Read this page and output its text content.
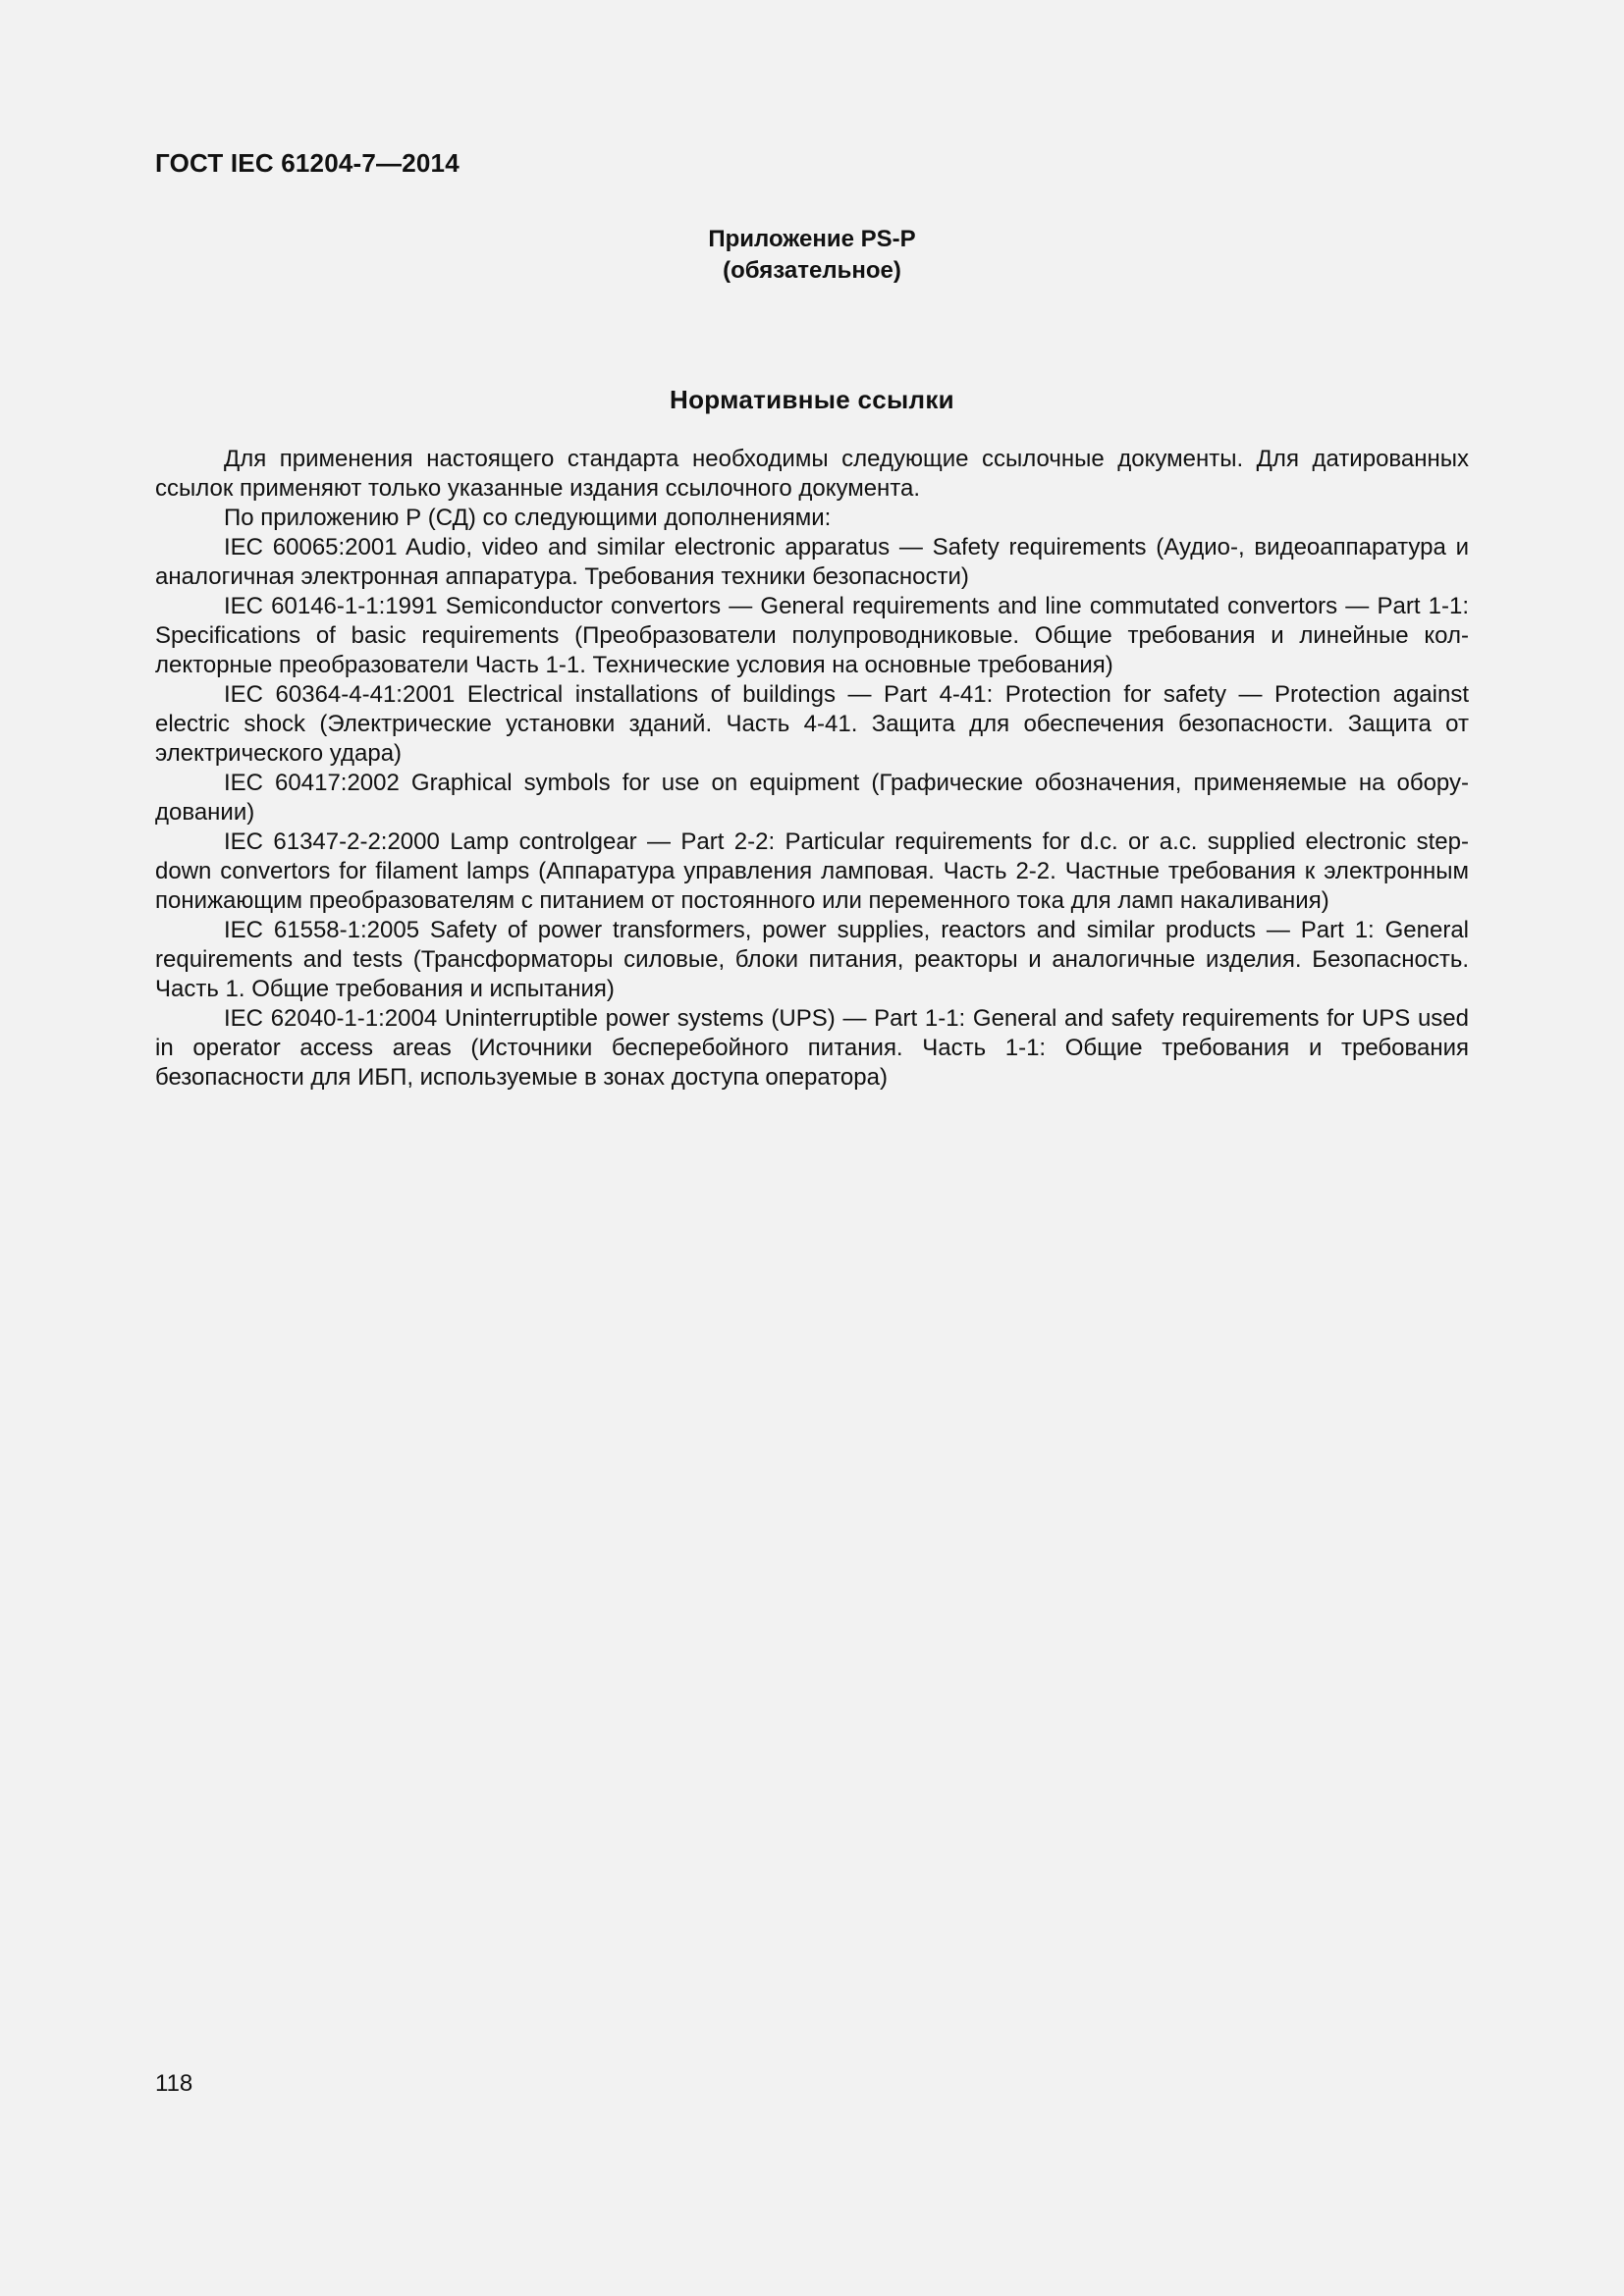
ГОСТ IEC 61204-7—2014
Приложение PS-P
(обязательное)
Нормативные ссылки

Для применения настоящего стандарта необходимы следующие ссылочные документы. Для датированных ссылок применяют только указанные издания ссылочного документа.

По приложению Р (СД) со следующими дополнениями:

IEC 60065:2001 Audio, video and similar electronic apparatus — Safety requirements (Аудио-, видеоаппаратура и аналогичная электронная аппаратура. Требования техники безопасности)

IEC 60146-1-1:1991 Semiconductor convertors — General requirements and line commutated convertors — Part 1-1: Specifications of basic requirements (Преобразователи полупроводниковые. Общие требования и линейные коллекторные преобразователи Часть 1-1. Технические условия на основные требования)

IEC 60364-4-41:2001 Electrical installations of buildings — Part 4-41: Protection for safety — Protection against electric shock (Электрические установки зданий. Часть 4-41. Защита для обеспечения безопасности. Защита от электрического удара)

IEC 60417:2002 Graphical symbols for use on equipment (Графические обозначения, применяемые на оборудовании)

IEC 61347-2-2:2000 Lamp controlgear — Part 2-2: Particular requirements for d.c. or a.c. supplied electronic step-down convertors for filament lamps (Аппаратура управления ламповая. Часть 2-2. Частные требования к электронным понижающим преобразователям с питанием от постоянного или переменного тока для ламп накаливания)

IEC 61558-1:2005 Safety of power transformers, power supplies, reactors and similar products — Part 1: General requirements and tests (Трансформаторы силовые, блоки питания, реакторы и аналогичные изделия. Безопасность. Часть 1. Общие требования и испытания)

IEC 62040-1-1:2004 Uninterruptible power systems (UPS) — Part 1-1: General and safety requirements for UPS used in operator access areas (Источники бесперебойного питания. Часть 1-1: Общие требования и требования безопасности для ИБП, используемые в зонах доступа оператора)

118
